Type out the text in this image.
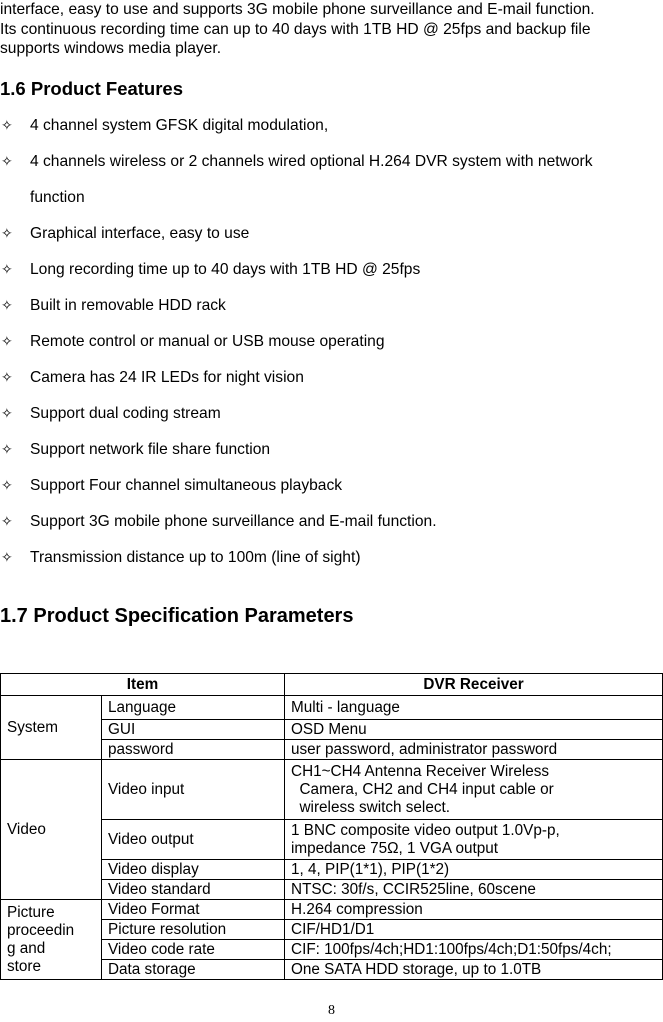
interface, easy to use and supports 3G mobile phone surveillance and E-mail function.
Its continuous recording time can up to 40 days with 1TB HD @ 25fps and backup file
supports windows media player.
1.6 Product Features
✧ 4 channel system GFSK digital modulation,
✧ 4 channels wireless or 2 channels wired optional H.264 DVR system with network
function
✧ Graphical interface, easy to use
✧ Long recording time up to 40 days with 1TB HD @ 25fps
✧ Built in removable HDD rack
✧ Remote control or manual or USB mouse operating
✧ Camera has 24 IR LEDs for night vision
✧ Support dual coding stream
✧ Support network file share function
✧ Support Four channel simultaneous playback
✧ Support 3G mobile phone surveillance and E-mail function.
✧ Transmission distance up to 100m (line of sight)
1.7 Product Specification Parameters
Item		DVR Receiver
System	Language	Multi - language
	GUI	OSD Menu
	password	user password, administrator password
Video	Video input	CH1~CH4 Antenna Receiver Wireless
Camera, CH2 and CH4 input cable or
wireless switch select.
	Video output	1 BNC composite video output 1.0Vp-p,
impedance 75Ω, 1 VGA output
	Video display	1, 4, PIP(1*1), PIP(1*2)
	Video standard	NTSC: 30f/s, CCIR525line, 60scene
Picture
proceedin
g and
store	Video Format	H.264 compression
	Picture resolution	CIF/HD1/D1
	Video code rate	CIF: 100fps/4ch;HD1:100fps/4ch;D1:50fps/4ch;
	Data storage	One SATA HDD storage, up to 1.0TB
8
